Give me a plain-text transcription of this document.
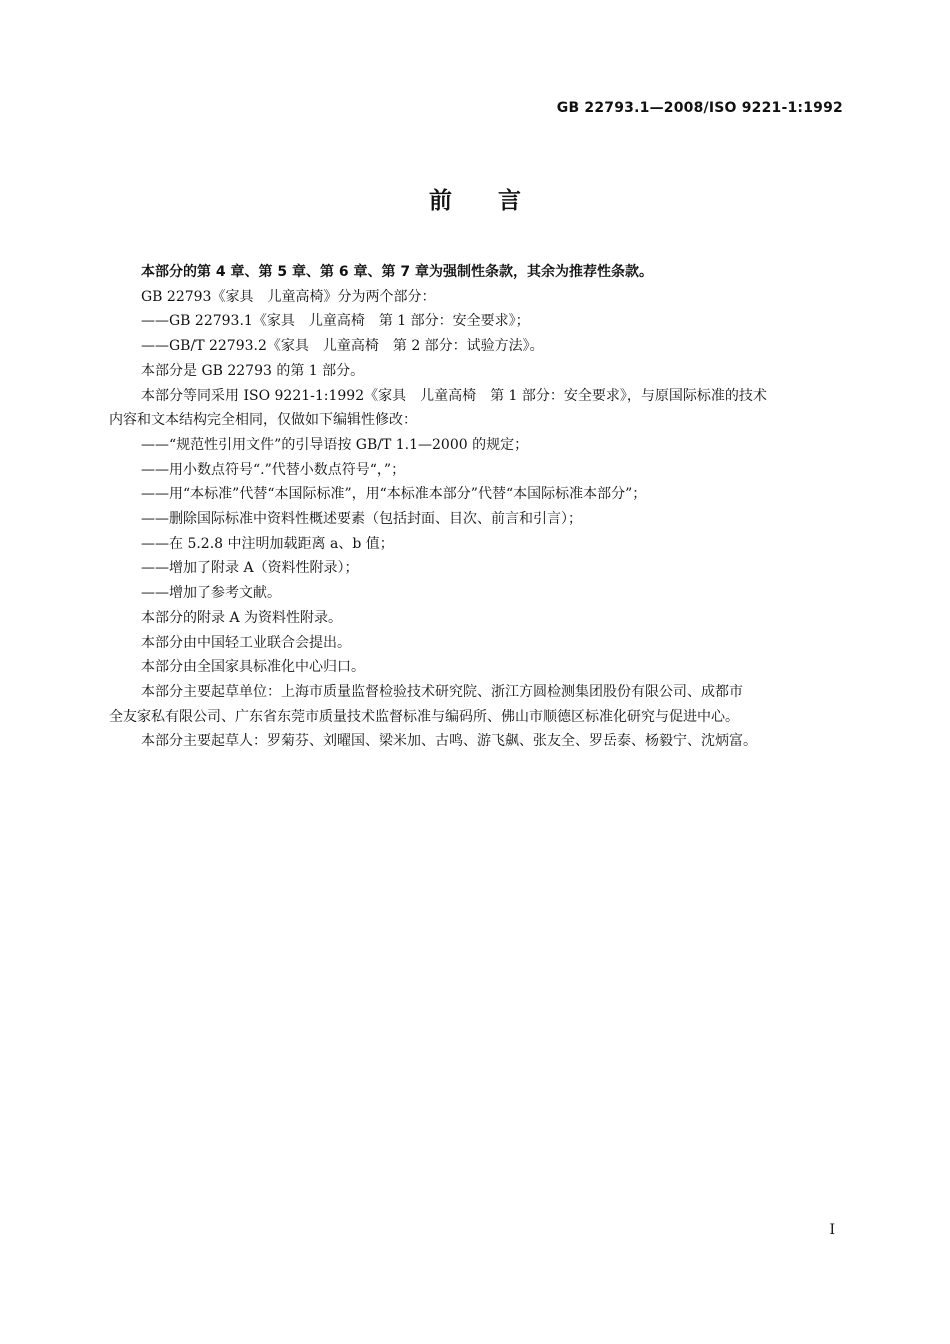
GB 22793.1—2008/ISO 9221-1:1992
前言

本部分的第 4 章、第 5 章、第 6 章、第 7 章为强制性条款，其余为推荐性条款。

GB 22793《家具　儿童高椅》分为两个部分：

——GB 22793.1《家具　儿童高椅　第 1 部分：安全要求》；

——GB/T 22793.2《家具　儿童高椅　第 2 部分：试验方法》。

本部分是 GB 22793 的第 1 部分。

本部分等同采用 ISO 9221-1:1992《家具　儿童高椅　第 1 部分：安全要求》，与原国际标准的技术

内容和文本结构完全相同，仅做如下编辑性修改：

——“规范性引用文件”的引导语按 GB/T 1.1—2000 的规定；

——用小数点符号“.”代替小数点符号“，”；

——用“本标准”代替“本国际标准”，用“本标准本部分”代替“本国际标准本部分”；

——删除国际标准中资料性概述要素（包括封面、目次、前言和引言）；

——在 5.2.8 中注明加载距离 a、b 值；

——增加了附录 A（资料性附录）；

——增加了参考文献。

本部分的附录 A 为资料性附录。

本部分由中国轻工业联合会提出。

本部分由全国家具标准化中心归口。

本部分主要起草单位：上海市质量监督检验技术研究院、浙江方圆检测集团股份有限公司、成都市

全友家私有限公司、广东省东莞市质量技术监督标准与编码所、佛山市顺德区标准化研究与促进中心。

本部分主要起草人：罗菊芬、刘曜国、梁米加、古鸣、游飞飙、张友全、罗岳泰、杨毅宁、沈炳富。

I
